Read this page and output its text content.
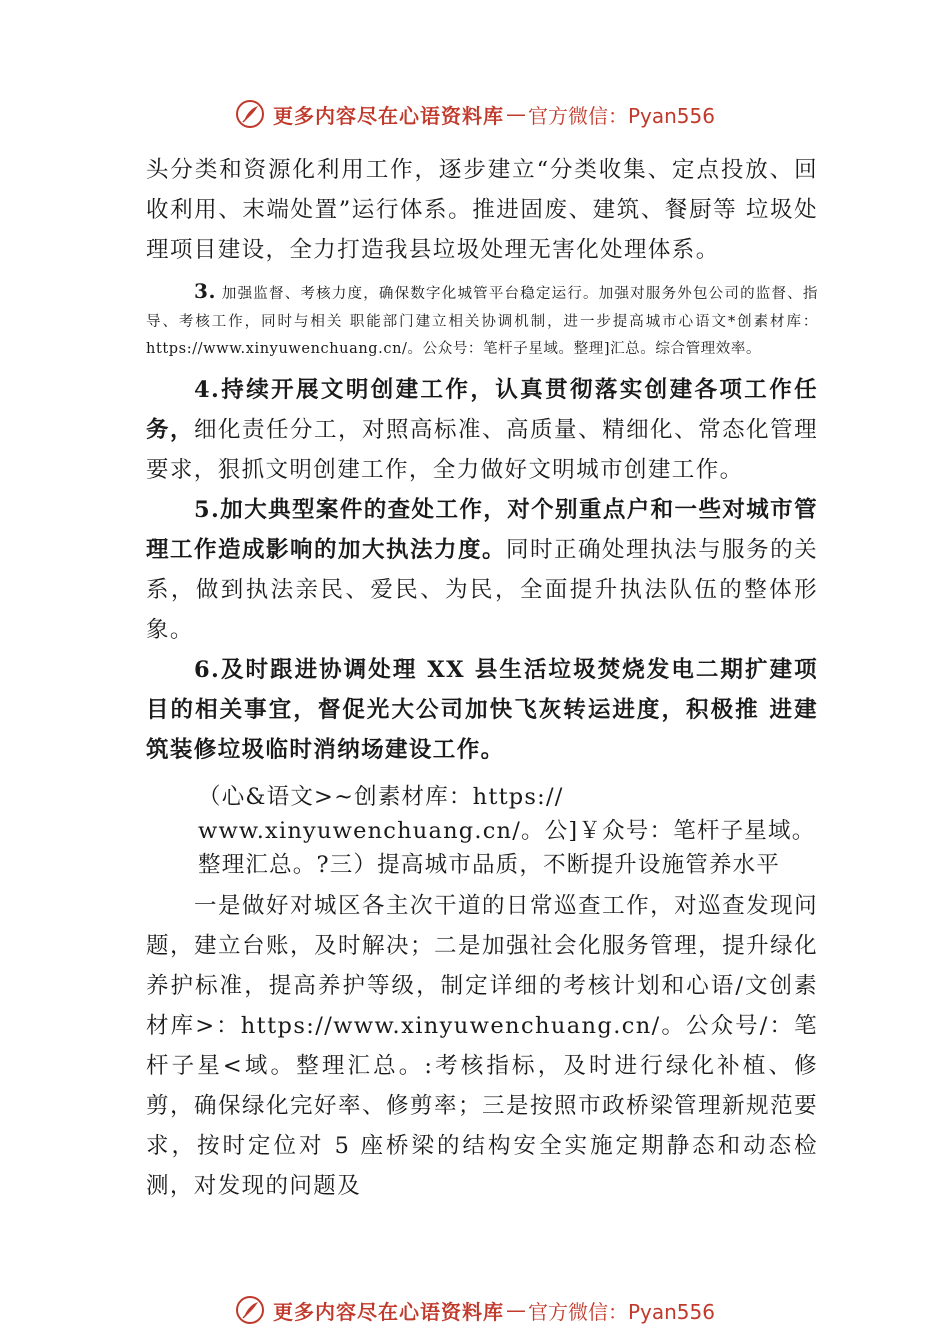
更多内容尽在心语资料库 — 官方微信：Pyan556

头分类和资源化利用工作，逐步建立“分类收集、定点投放、回收利用、末端处置”运行体系。推进固废、建筑、餐厨等 垃圾处理项目建设，全力打造我县垃圾处理无害化处理体系。

3. 加强监督、考核力度，确保数字化城管平台稳定运行。加强对服务外包公司的监督、指导、考核工作，同时与相关 职能部门建立相关协调机制，进一步提高城市心语文*创素材库：https://www.xinyuwenchuang.cn/。公众号：笔杆子星域。整理]汇总。综合管理效率。

4.持续开展文明创建工作，认真贯彻落实创建各项工作任务，细化责任分工，对照高标准、高质量、精细化、常态化管理要求，狠抓文明创建工作，全力做好文明城市创建工作。

5.加大典型案件的查处工作，对个别重点户和一些对城市管理工作造成影响的加大执法力度。同时正确处理执法与服务的关系，做到执法亲民、爱民、为民，全面提升执法队伍的整体形象。

6.及时跟进协调处理 XX 县生活垃圾焚烧发电二期扩建项目的相关事宜，督促光大公司加快飞灰转运进度，积极推 进建筑装修垃圾临时消纳场建设工作。

（心&语文>~创素材库：https://
www.xinyuwenchuang.cn/。公]￥众号：笔杆子星域。整理汇总。?三）提高城市品质，不断提升设施管养水平

一是做好对城区各主次干道的日常巡查工作，对巡查发现问题，建立台账，及时解决；二是加强社会化服务管理，提升绿化养护标准，提高养护等级，制定详细的考核计划和心语/文创素材库>：https://www.xinyuwenchuang.cn/。公众号/：笔杆子星<域。整理汇总。:考核指标，及时进行绿化补植、修剪，确保绿化完好率、修剪率；三是按照市政桥梁管理新规范要求，按时定位对 5 座桥梁的结构安全实施定期静态和动态检测，对发现的问题及

更多内容尽在心语资料库 — 官方微信：Pyan556
